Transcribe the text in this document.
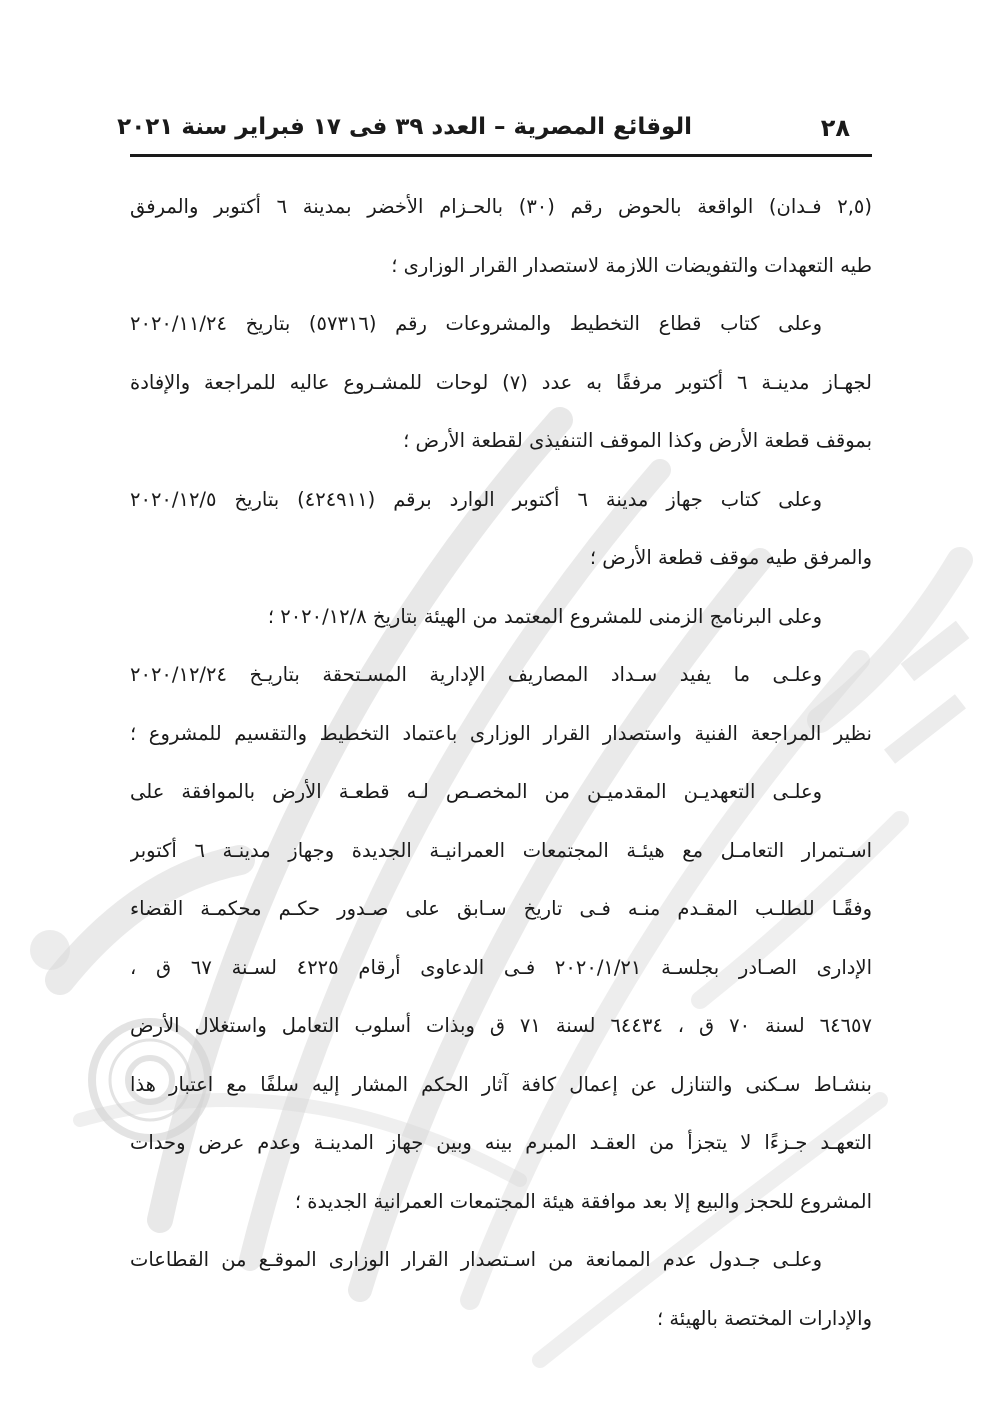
٢٨
الوقائع المصرية – العدد ٣٩ فى ١٧ فبراير سنة ٢٠٢١
(٢,٥ فـدان) الواقعة بالحوض رقم (٣٠) بالحـزام الأخضر بمدينة ٦ أكتوبر والمرفق
طيه التعهدات والتفويضات اللازمة لاستصدار القرار الوزارى ؛
وعلى كتاب قطاع التخطيط والمشروعات رقم (٥٧٣١٦) بتاريخ ٢٠٢٠/١١/٢٤
لجهـاز مدينـة ٦ أكتوبر مرفقًا به عدد (٧) لوحات للمشـروع عاليه للمراجعة والإفادة
بموقف قطعة الأرض وكذا الموقف التنفيذى لقطعة الأرض ؛
وعلى كتاب جهاز مدينة ٦ أكتوبر الوارد برقم (٤٢٤٩١١) بتاريخ ٢٠٢٠/١٢/٥
والمرفق طيه موقف قطعة الأرض ؛
وعلى البرنامج الزمنى للمشروع المعتمد من الهيئة بتاريخ ٢٠٢٠/١٢/٨ ؛
وعلـى ما يفيد سـداد المصاريف الإدارية المسـتحقة بتاريـخ ٢٠٢٠/١٢/٢٤
نظير المراجعة الفنية واستصدار القرار الوزارى باعتماد التخطيط والتقسيم للمشروع ؛
وعلـى التعهديـن المقدميـن من المخصـص لـه قطعـة الأرض بالموافقة على
اسـتمرار التعامـل مع هيئـة المجتمعات العمرانيـة الجديدة وجهاز مدينـة ٦ أكتوبر
وفقًـا للطلـب المقـدم منـه فـى تاريخ سـابق على صـدور حكـم محكمـة القضاء
الإدارى الصـادر بجلسـة ٢٠٢٠/١/٢١ فـى الدعاوى أرقام ٤٢٢٥ لسـنة ٦٧ ق ،
٦٤٦٥٧ لسنة ٧٠ ق ، ٦٤٤٣٤ لسنة ٧١ ق وبذات أسلوب التعامل واستغلال الأرض
بنشـاط سـكنى والتنازل عن إعمال كافة آثار الحكم المشار إليه سلفًا مع اعتبار هذا
التعهـد جـزءًا لا يتجزأ من العقـد المبرم بينه وبين جهاز المدينـة وعدم عرض وحدات
المشروع للحجز والبيع إلا بعد موافقة هيئة المجتمعات العمرانية الجديدة ؛
وعلـى جـدول عدم الممانعة من اسـتصدار القرار الوزارى الموقـع من القطاعات
والإدارات المختصة بالهيئة ؛
